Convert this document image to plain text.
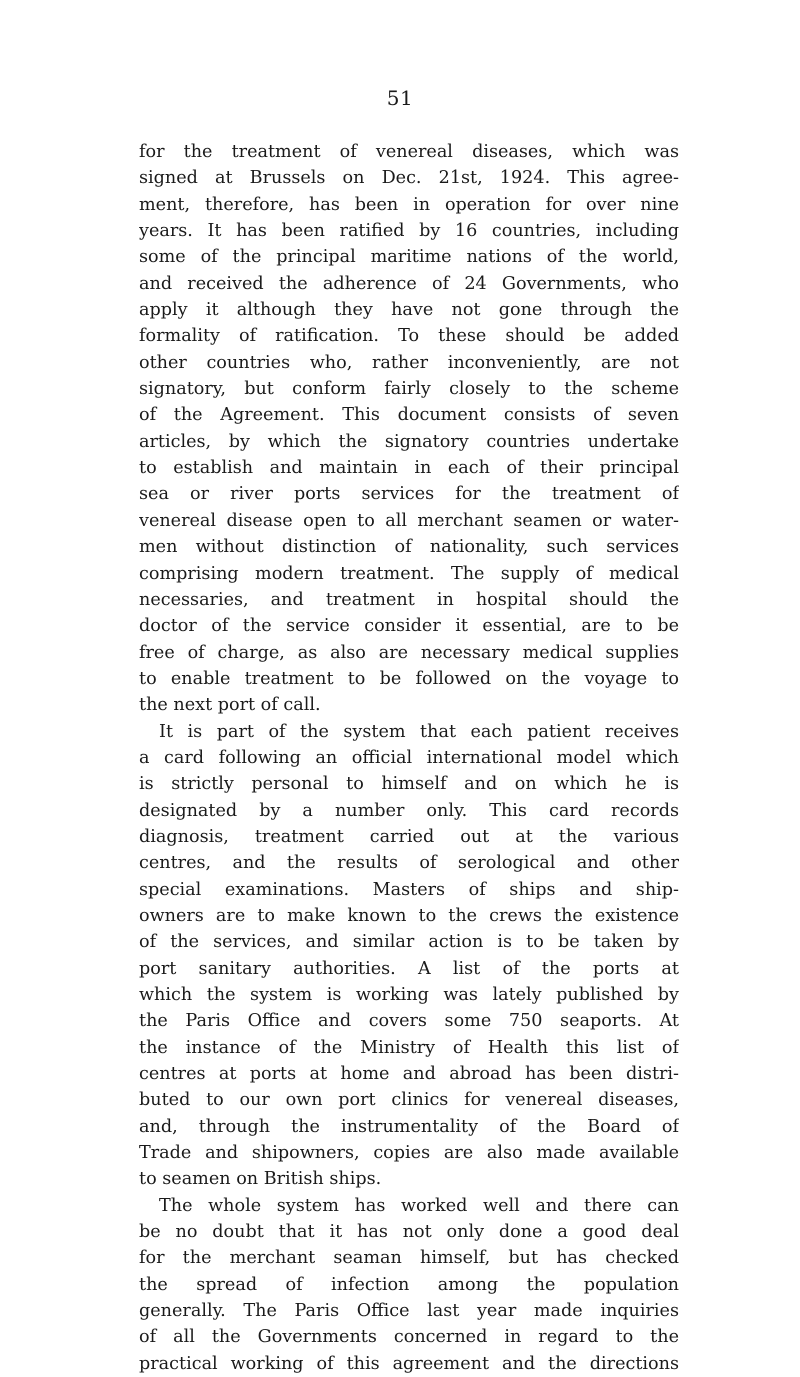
51
for the treatment of venereal diseases, which was
signed at Brussels on Dec. 21st, 1924. This agree-
ment, therefore, has been in operation for over nine
years. It has been ratified by 16 countries, including
some of the principal maritime nations of the world,
and received the adherence of 24 Governments, who
apply it although they have not gone through the
formality of ratification. To these should be added
other countries who, rather inconveniently, are not
signatory, but conform fairly closely to the scheme
of the Agreement. This document consists of seven
articles, by which the signatory countries undertake
to establish and maintain in each of their principal
sea or river ports services for the treatment of
venereal disease open to all merchant seamen or water-
men without distinction of nationality, such services
comprising modern treatment. The supply of medical
necessaries, and treatment in hospital should the
doctor of the service consider it essential, are to be
free of charge, as also are necessary medical supplies
to enable treatment to be followed on the voyage to
the next port of call.
It is part of the system that each patient receives
a card following an official international model which
is strictly personal to himself and on which he is
designated by a number only. This card records
diagnosis, treatment carried out at the various
centres, and the results of serological and other
special examinations. Masters of ships and ship-
owners are to make known to the crews the existence
of the services, and similar action is to be taken by
port sanitary authorities. A list of the ports at
which the system is working was lately published by
the Paris Office and covers some 750 seaports. At
the instance of the Ministry of Health this list of
centres at ports at home and abroad has been distri-
buted to our own port clinics for venereal diseases,
and, through the instrumentality of the Board of
Trade and shipowners, copies are also made available
to seamen on British ships.
The whole system has worked well and there can
be no doubt that it has not only done a good deal
for the merchant seaman himself, but has checked
the spread of infection among the population
generally. The Paris Office last year made inquiries
of all the Governments concerned in regard to the
practical working of this agreement and the directions
